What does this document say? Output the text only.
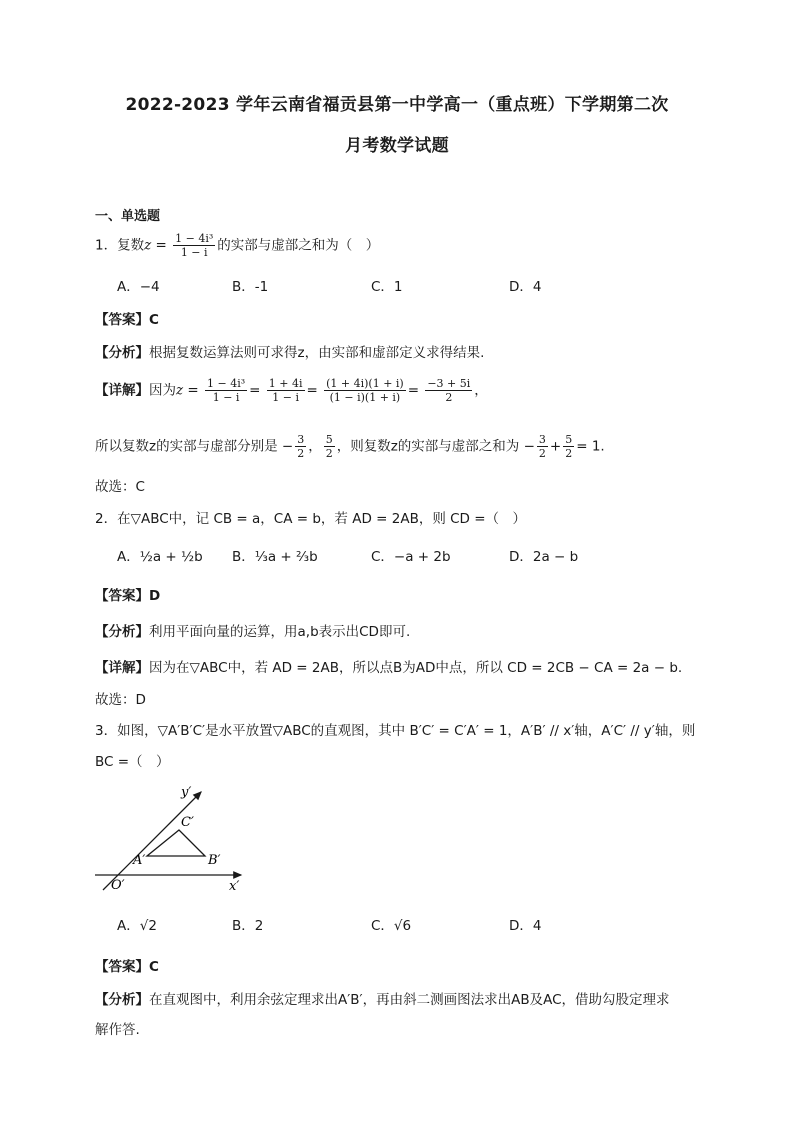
2022-2023 学年云南省福贡县第一中学高一（重点班）下学期第二次
月考数学试题
一、单选题
1．复数$z = \frac{\text{1 − 4i³}}{1 - i}$ 的实部与虚部之和为（　）
A．−4	B．-1	C．1	D．4
【答案】C
【分析】根据复数运算法则可求得z，由实部和虚部定义求得结果.
【详解】因为$z = \frac{\text{1 − 4i³}}{1 - i} = \frac{1 + 4i}{1 - i} = \frac{(1 + 4i)(1 + i)}{(1 - i)(1 + i)} = \frac{-3 + 5i}{2}$ ，
所以复数z的实部与虚部分别是 − $\frac{3}{2}$ ， $\frac{5}{2}$ ，则复数z的实部与虚部之和为 − $\frac{3}{2} + \frac{5}{2} = 1$.
故选：C
2．在▽ABC中，记 CB = a，CA = b，若 AD = 2AB，则 CD =（　）
A．½a + ½b B．⅓a + ⅔b	C．−a + 2b	D．2a − b
【答案】D
【分析】利用平面向量的运算，用a,b表示出CD即可.
【详解】因为在▽ABC中，若 AD = 2AB，所以点B为AD中点，所以 CD = 2CB − CA = 2a − b.
故选：D
3．如图，▽A′B′C′是水平放置▽ABC的直观图，其中 B′C′ = C′A′ = 1，A′B′ // x′轴，A′C′ // y′轴，则
BC =（　）
y′
x′
O′
A′	B′
C′
A．√2	B．2	C．√6	D．4
【答案】C
【分析】在直观图中，利用余弦定理求出A′B′，再由斜二测画图法求出AB及AC，借助勾股定理求
解作答.
